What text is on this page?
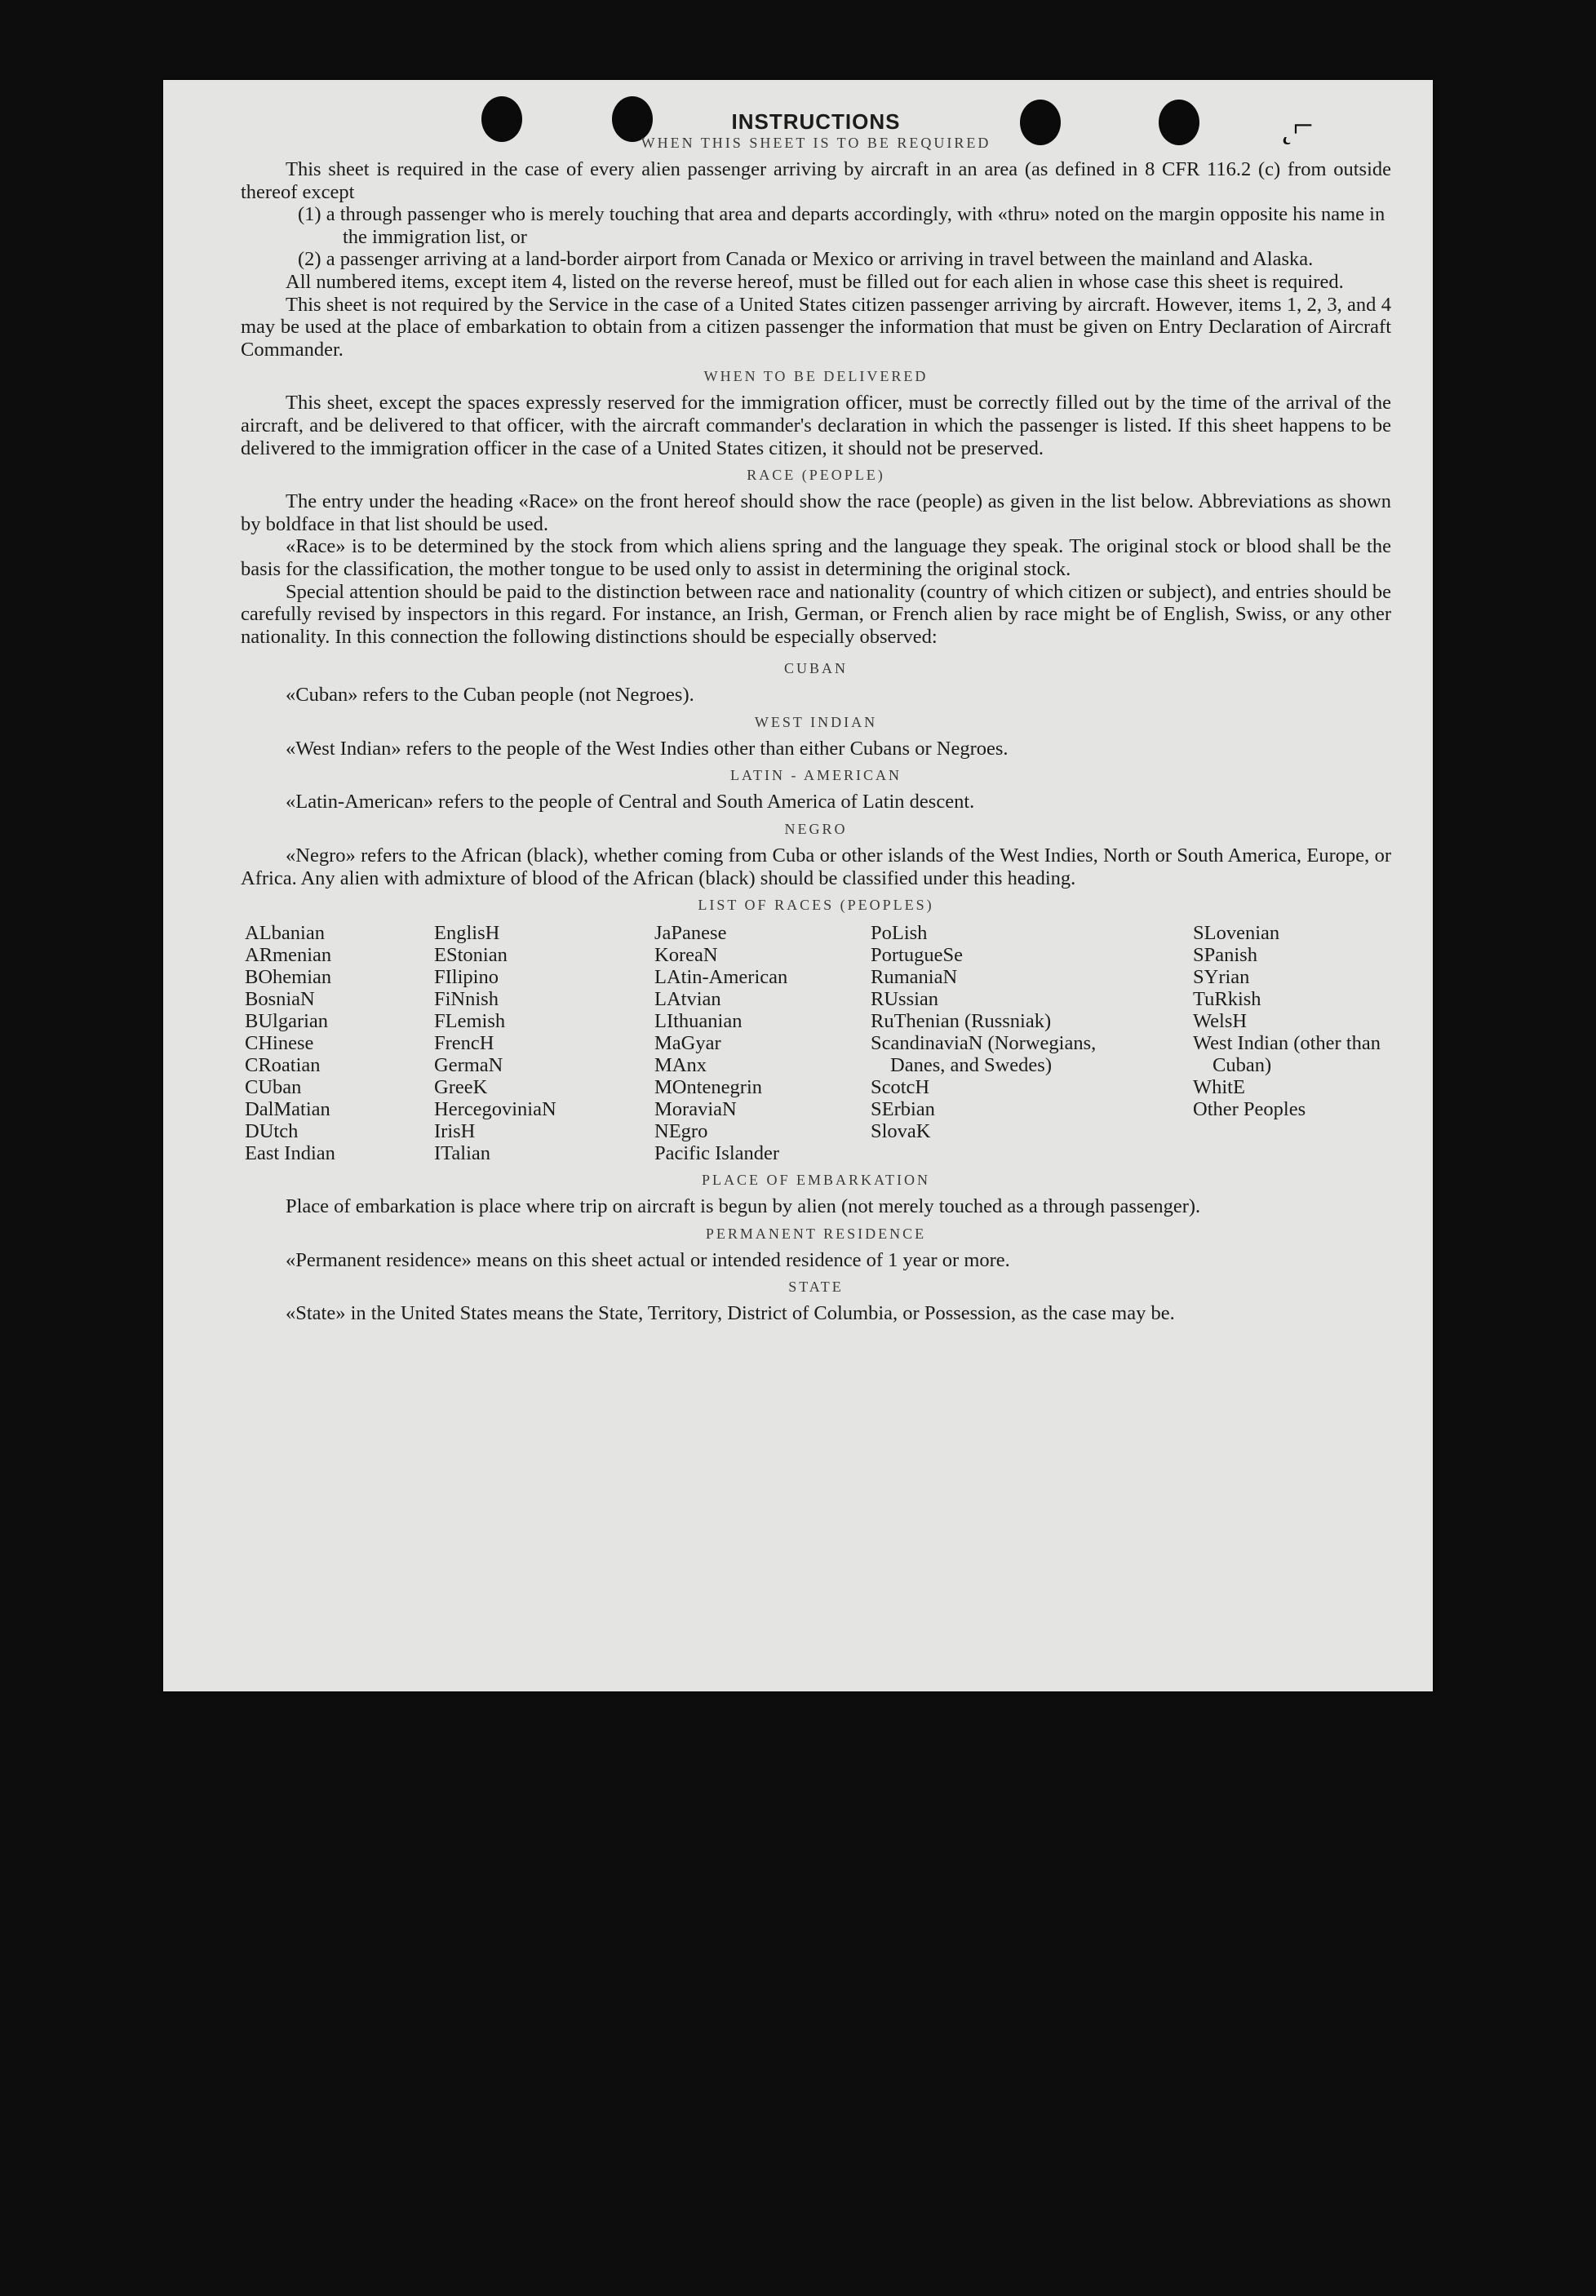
˛⌐
INSTRUCTIONS
WHEN THIS SHEET IS TO BE REQUIRED

This sheet is required in the case of every alien passenger arriving by aircraft in an area (as defined in 8 CFR 116.2 (c) from outside thereof except

(1) a through passenger who is merely touching that area and departs accordingly, with «thru» noted on the margin opposite his name in the immigration list, or

(2) a passenger arriving at a land-border airport from Canada or Mexico or arriving in travel between the mainland and Alaska.

All numbered items, except item 4, listed on the reverse hereof, must be filled out for each alien in whose case this sheet is required.

This sheet is not required by the Service in the case of a United States citizen passenger arriving by aircraft. However, items 1, 2, 3, and 4 may be used at the place of embarkation to obtain from a citizen passenger the information that must be given on Entry Declaration of Aircraft Commander.

WHEN TO BE DELIVERED

This sheet, except the spaces expressly reserved for the immigration officer, must be correctly filled out by the time of the arrival of the aircraft, and be delivered to that officer, with the aircraft commander's declaration in which the passenger is listed. If this sheet happens to be delivered to the immigration officer in the case of a United States citizen, it should not be preserved.

RACE (PEOPLE)

The entry under the heading «Race» on the front hereof should show the race (people) as given in the list below. Abbreviations as shown by boldface in that list should be used.

«Race» is to be determined by the stock from which aliens spring and the language they speak. The original stock or blood shall be the basis for the classification, the mother tongue to be used only to assist in determining the original stock.

Special attention should be paid to the distinction between race and nationality (country of which citizen or subject), and entries should be carefully revised by inspectors in this regard. For instance, an Irish, German, or French alien by race might be of English, Swiss, or any other nationality. In this connection the following distinctions should be especially observed:

CUBAN

«Cuban» refers to the Cuban people (not Negroes).

WEST INDIAN

«West Indian» refers to the people of the West Indies other than either Cubans or Negroes.

LATIN - AMERICAN

«Latin-American» refers to the people of Central and South America of Latin descent.

NEGRO

«Negro» refers to the African (black), whether coming from Cuba or other islands of the West Indies, North or South America, Europe, or Africa. Any alien with admixture of blood of the African (black) should be classified under this heading.

LIST OF RACES (PEOPLES)
ALbanian
ARmenian
BOhemian
BosniaN
BUlgarian
CHinese
CRoatian
CUban
DalMatian
DUtch
East Indian
EnglisH
EStonian
FIlipino
FiNnish
FLemish
FrencH
GermaN
GreeK
HercegoviniaN
IrisH
ITalian
JaPanese
KoreaN
LAtin-American
LAtvian
LIthuanian
MaGyar
MAnx
MOntenegrin
MoraviaN
NEgro
Pacific Islander
PoLish
PortugueSe
RumaniaN
RUssian
RuThenian (Russniak)
ScandinaviaN (Norwegians, Danes, and Swedes)
ScotcH
SErbian
SlovaK
SLovenian
SPanish
SYrian
TuRkish
WelsH
West Indian (other than Cuban)
WhitE
Other Peoples
PLACE OF EMBARKATION

Place of embarkation is place where trip on aircraft is begun by alien (not merely touched as a through passenger).

PERMANENT RESIDENCE

«Permanent residence» means on this sheet actual or intended residence of 1 year or more.

STATE

«State» in the United States means the State, Territory, District of Columbia, or Possession, as the case may be.
